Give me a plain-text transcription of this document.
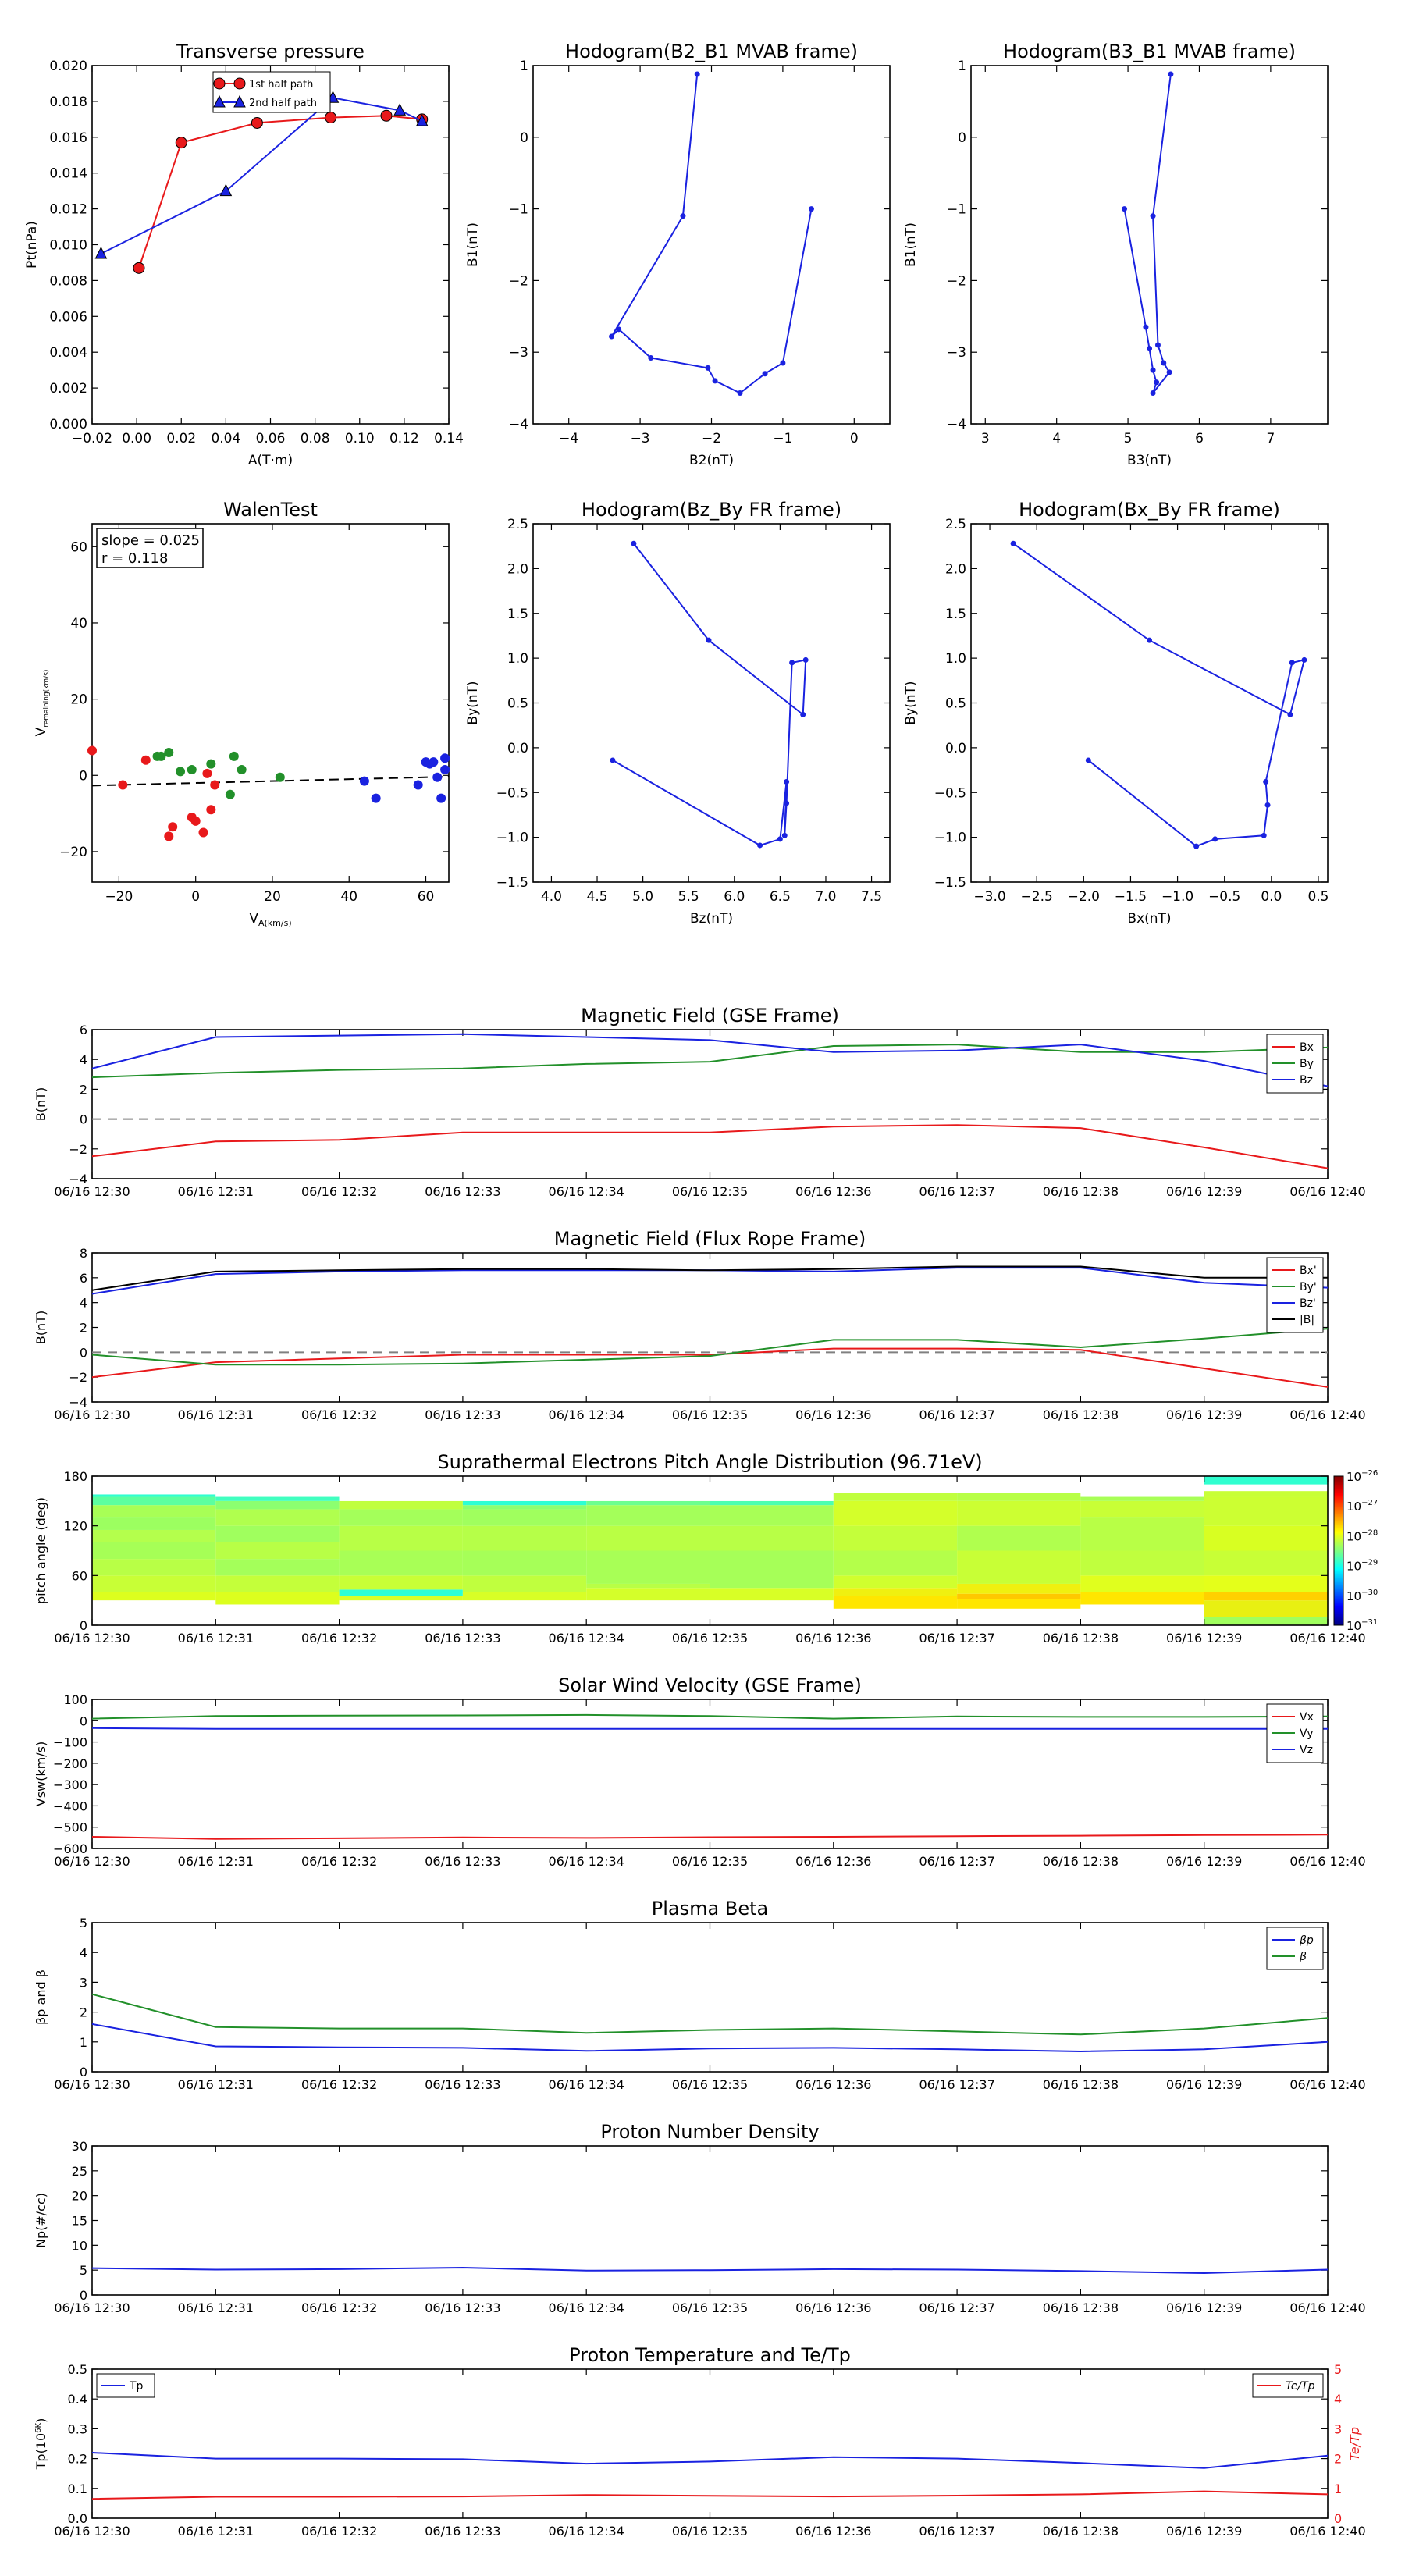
Transverse pressure
−0.02 0.00 0.02 0.04 0.06 0.08 0.10 0.12 0.14
0.000
0.002
0.004
0.006
0.008
0.010
0.012
0.014
0.016
0.018
0.020
A(T·m)
Pt(nPa)
1st half path
2nd half path
Hodogram(B2_B1 MVAB frame)
−4	−3	−2	−1	0
−4
−3
−2
−1
0
1
B2(nT)
B1(nT)
Hodogram(B3_B1 MVAB frame)
3	4	5	6	7
−4
−3
−2
−1
0
1
B3(nT)
B1(nT)
Hodogram(Bz_By FR frame)
4.0 4.5 5.0 5.5 6.0 6.5 7.0 7.5
−1.5
−1.0
−0.5
0.0
0.5
1.0
1.5
2.0
2.5
Bz(nT)
By(nT)
Hodogram(Bx_By FR frame)
−3.0 −2.5 −2.0 −1.5 −1.0 −0.5 0.0 0.5
−1.5
−1.0
−0.5
0.0
0.5
1.0
1.5
2.0
2.5
Bx(nT)
By(nT)
WalenTest
−20	0	20	40	60
−20
0
20
40
60
$V_{A(km/s)}$
$V_{remaining(km/s)}$
slope = 0.025
r = 0.118
Magnetic Field (GSE Frame)
06/16 12:30	06/16 12:31	06/16 12:32	06/16 12:33	06/16 12:34	06/16 12:35	06/16 12:36	06/16 12:37	06/16 12:38	06/16 12:39	06/16 12:40
−4
−2
0
2
4
6
B(nT)
Bx
By
Bz
Magnetic Field (Flux Rope Frame)
06/16 12:30	06/16 12:31	06/16 12:32	06/16 12:33	06/16 12:34	06/16 12:35	06/16 12:36	06/16 12:37	06/16 12:38	06/16 12:39	06/16 12:40
−4
−2
0
2
4
6
8
B(nT)
Bx'
By'
Bz'
|B|
Suprathermal Electrons Pitch Angle Distribution (96.71eV)
$10^{-26}$
$10^{-27}$
$10^{-28}$
$10^{-29}$
$10^{-30}$
$10^{-31}$
06/16 12:30	06/16 12:31	06/16 12:32	06/16 12:33	06/16 12:34	06/16 12:35	06/16 12:36	06/16 12:37	06/16 12:38	06/16 12:39	06/16 12:40
0
60
120
180
pitch angle (deg)
Solar Wind Velocity (GSE Frame)
06/16 12:30	06/16 12:31	06/16 12:32	06/16 12:33	06/16 12:34	06/16 12:35	06/16 12:36	06/16 12:37	06/16 12:38	06/16 12:39	06/16 12:40
−600
−500
−400
−300
−200
−100
0
100
Vsw(km/s)
Vx
Vy
Vz
Plasma Beta
06/16 12:30	06/16 12:31	06/16 12:32	06/16 12:33	06/16 12:34	06/16 12:35	06/16 12:36	06/16 12:37	06/16 12:38	06/16 12:39	06/16 12:40
0
1
2
3
4
5
βp and β
βp
β
Proton Number Density
06/16 12:30	06/16 12:31	06/16 12:32	06/16 12:33	06/16 12:34	06/16 12:35	06/16 12:36	06/16 12:37	06/16 12:38	06/16 12:39	06/16 12:40
0
5
10
15
20
25
30
Np(#/cc)
Proton Temperature and Te/Tp
06/16 12:30	06/16 12:31	06/16 12:32	06/16 12:33	06/16 12:34	06/16 12:35	06/16 12:36	06/16 12:37	06/16 12:38	06/16 12:39	06/16 12:40
0.0
0.1
0.2
0.3
0.4
0.5
$Tp(10^{6K})$
0
1
2
3
4
5
Te/Tp
Tp	Te/Tp
